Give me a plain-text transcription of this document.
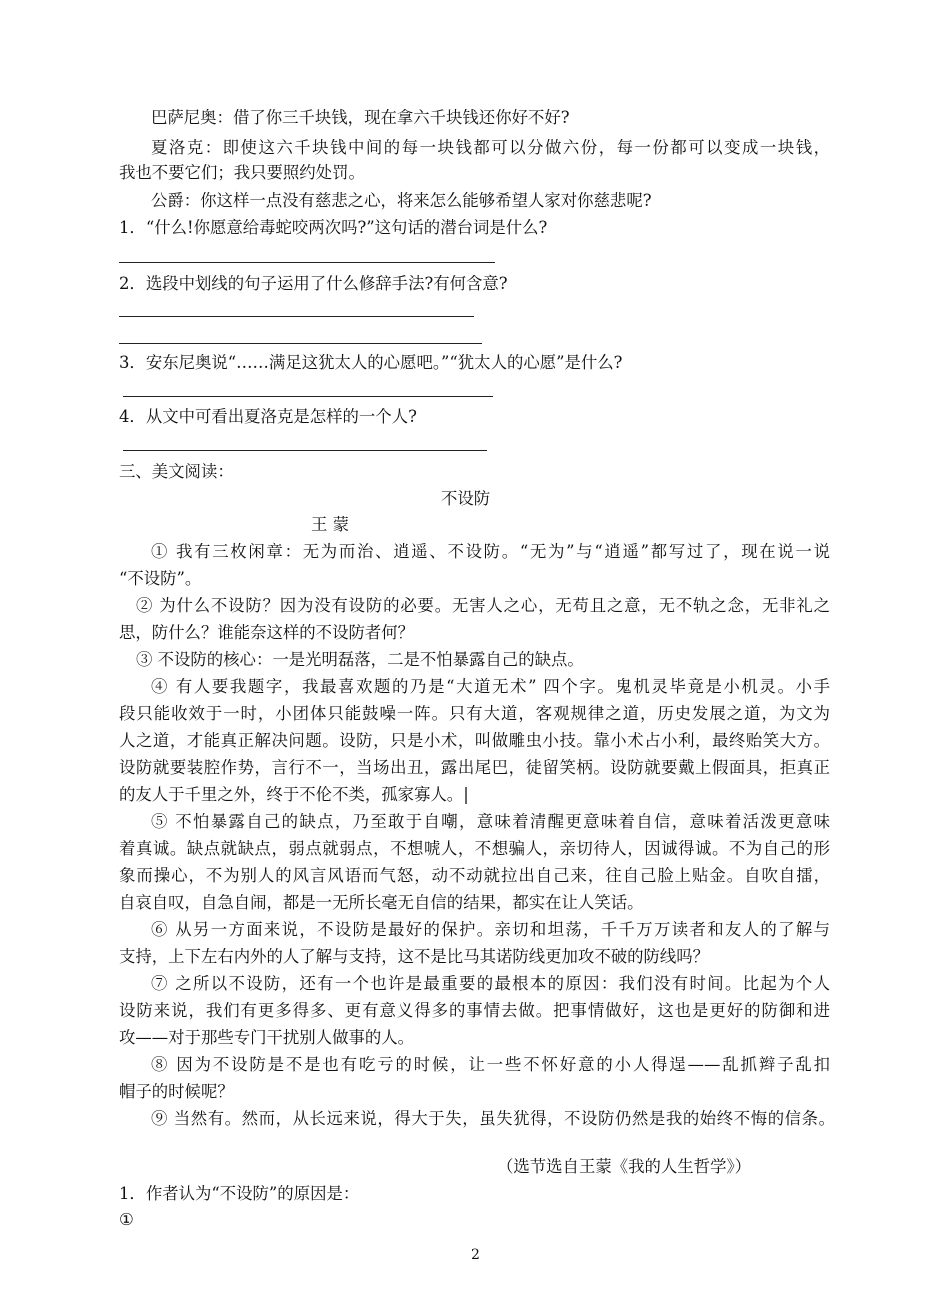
巴萨尼奥：借了你三千块钱，现在拿六千块钱还你好不好?
夏洛克：即使这六千块钱中间的每一块钱都可以分做六份，每一份都可以变成一块钱，
我也不要它们；我只要照约处罚。
公爵：你这样一点没有慈悲之心，将来怎么能够希望人家对你慈悲呢?
1．“什么!你愿意给毒蛇咬两次吗?”这句话的潜台词是什么?
2．选段中划线的句子运用了什么修辞手法?有何含意?
3．安东尼奥说“……满足这犹太人的心愿吧。”“犹太人的心愿”是什么?
4．从文中可看出夏洛克是怎样的一个人?
三、美文阅读：
不设防
王 蒙
① 我有三枚闲章：无为而治、逍遥、不设防。“无为”与“逍遥”都写过了，现在说一说
“不设防”。
② 为什么不设防？因为没有设防的必要。无害人之心，无苟且之意，无不轨之念，无非礼之
思，防什么？谁能奈这样的不设防者何？
③ 不设防的核心：一是光明磊落，二是不怕暴露自己的缺点。
④ 有人要我题字，我最喜欢题的乃是“大道无术” 四个字。鬼机灵毕竟是小机灵。小手
段只能收效于一时，小团体只能鼓噪一阵。只有大道，客观规律之道，历史发展之道，为文为
人之道，才能真正解决问题。设防，只是小术，叫做雕虫小技。靠小术占小利，最终贻笑大方。
设防就要装腔作势，言行不一，当场出丑，露出尾巴，徒留笑柄。设防就要戴上假面具，拒真正
的友人于千里之外，终于不伦不类，孤家寡人。|
⑤ 不怕暴露自己的缺点，乃至敢于自嘲，意味着清醒更意味着自信，意味着活泼更意味
着真诚。缺点就缺点，弱点就弱点，不想唬人，不想骗人，亲切待人，因诚得诚。不为自己的形
象而操心，不为别人的风言风语而气怒，动不动就拉出自己来，往自己脸上贴金。自吹自擂，
自哀自叹，自急自闹，都是一无所长毫无自信的结果，都实在让人笑话。
⑥ 从另一方面来说，不设防是最好的保护。亲切和坦荡，千千万万读者和友人的了解与
支持，上下左右内外的人了解与支持，这不是比马其诺防线更加攻不破的防线吗？
⑦ 之所以不设防，还有一个也许是最重要的最根本的原因：我们没有时间。比起为个人
设防来说，我们有更多得多、更有意义得多的事情去做。把事情做好，这也是更好的防御和进
攻——对于那些专门干扰别人做事的人。
⑧ 因为不设防是不是也有吃亏的时候，让一些不怀好意的小人得逞——乱抓辫子乱扣
帽子的时候呢？
⑨ 当然有。然而，从长远来说，得大于失，虽失犹得，不设防仍然是我的始终不悔的信条。
（选节选自王蒙《我的人生哲学》）
1．作者认为“不设防”的原因是：
①
2
